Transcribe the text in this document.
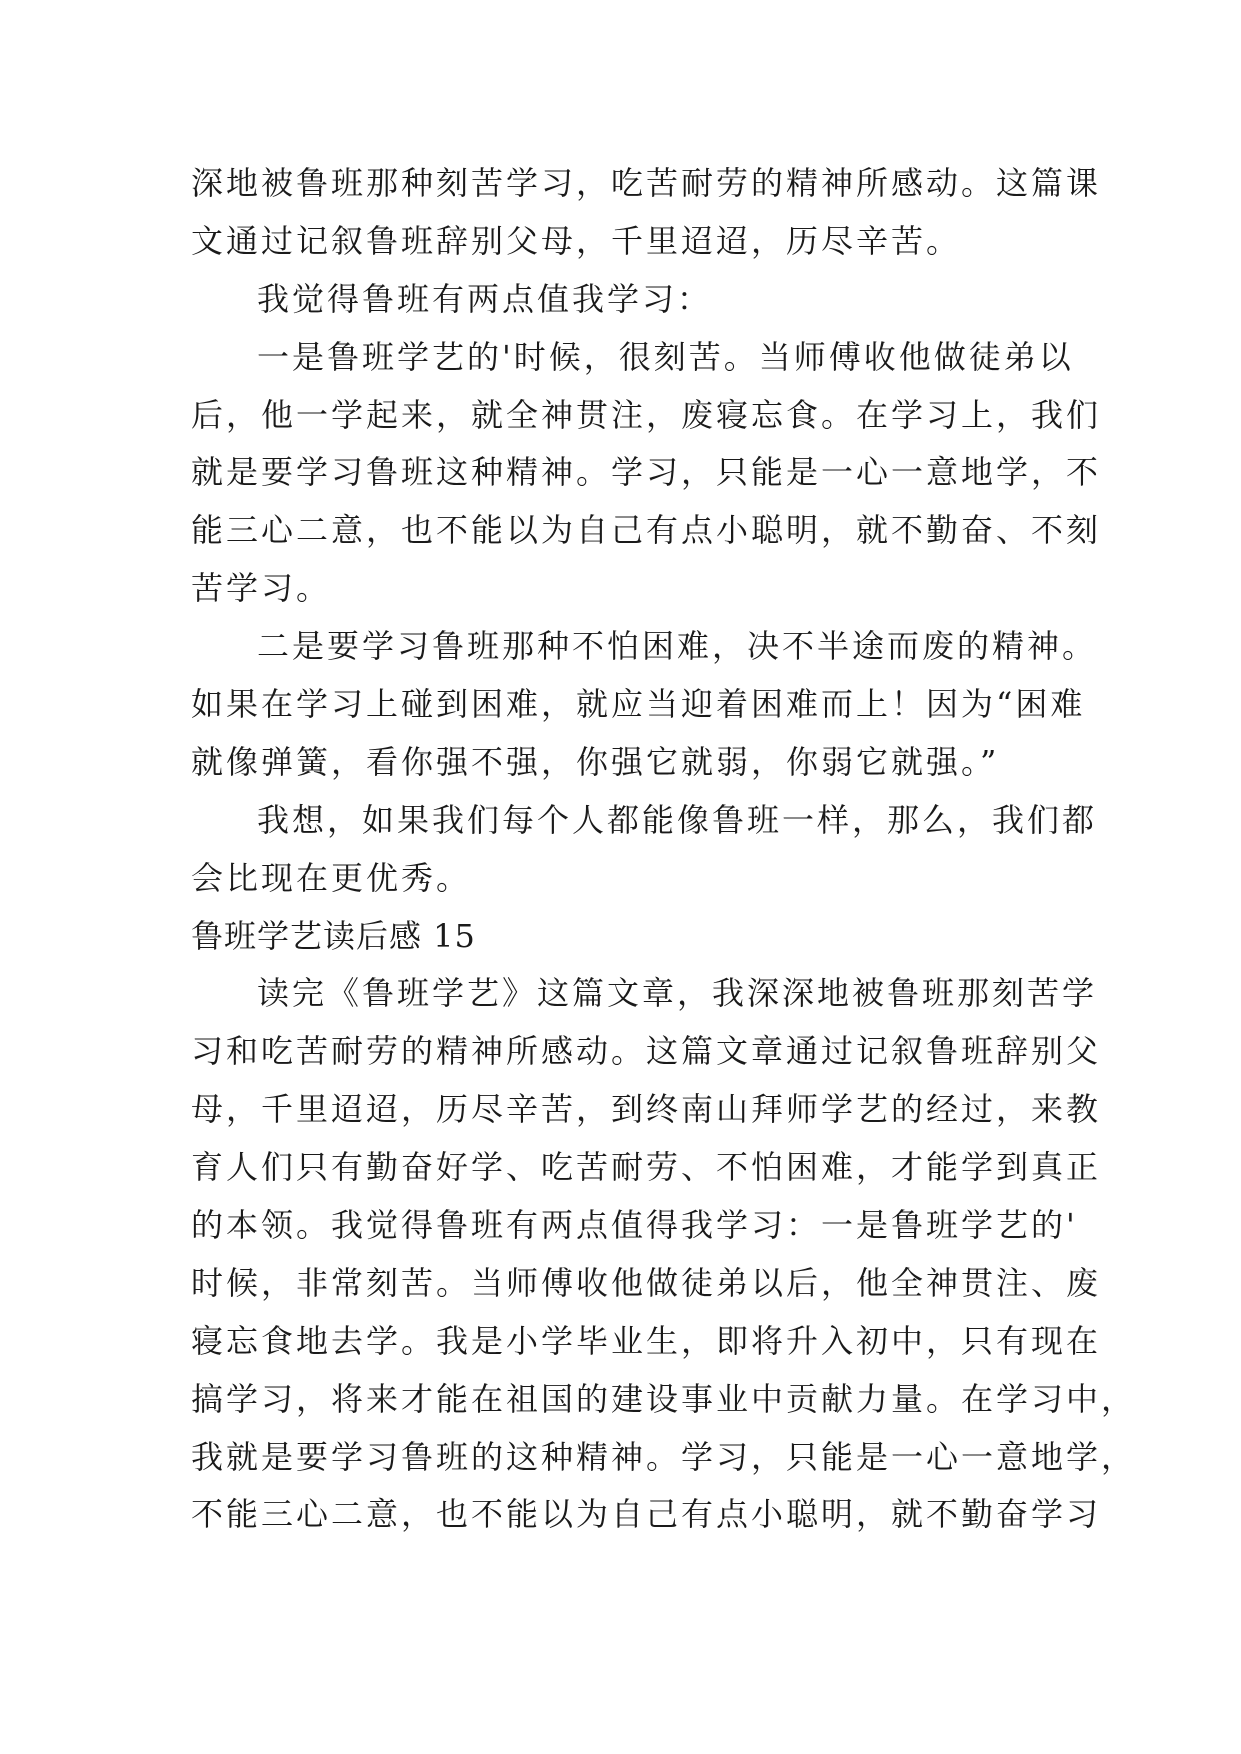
深地被鲁班那种刻苦学习，吃苦耐劳的精神所感动。这篇课
文通过记叙鲁班辞别父母，千里迢迢，历尽辛苦。
我觉得鲁班有两点值我学习：
一是鲁班学艺的'时候，很刻苦。当师傅收他做徒弟以
后，他一学起来，就全神贯注，废寝忘食。在学习上，我们
就是要学习鲁班这种精神。学习，只能是一心一意地学，不
能三心二意，也不能以为自己有点小聪明，就不勤奋、不刻
苦学习。
二是要学习鲁班那种不怕困难，决不半途而废的精神。
如果在学习上碰到困难，就应当迎着困难而上！因为“困难
就像弹簧，看你强不强，你强它就弱，你弱它就强。”
我想，如果我们每个人都能像鲁班一样，那么，我们都
会比现在更优秀。
鲁班学艺读后感 15
读完《鲁班学艺》这篇文章，我深深地被鲁班那刻苦学
习和吃苦耐劳的精神所感动。这篇文章通过记叙鲁班辞别父
母，千里迢迢，历尽辛苦，到终南山拜师学艺的经过，来教
育人们只有勤奋好学、吃苦耐劳、不怕困难，才能学到真正
的本领。我觉得鲁班有两点值得我学习：一是鲁班学艺的'
时候，非常刻苦。当师傅收他做徒弟以后，他全神贯注、废
寝忘食地去学。我是小学毕业生，即将升入初中，只有现在
搞学习，将来才能在祖国的建设事业中贡献力量。在学习中，
我就是要学习鲁班的这种精神。学习，只能是一心一意地学，
不能三心二意，也不能以为自己有点小聪明，就不勤奋学习
